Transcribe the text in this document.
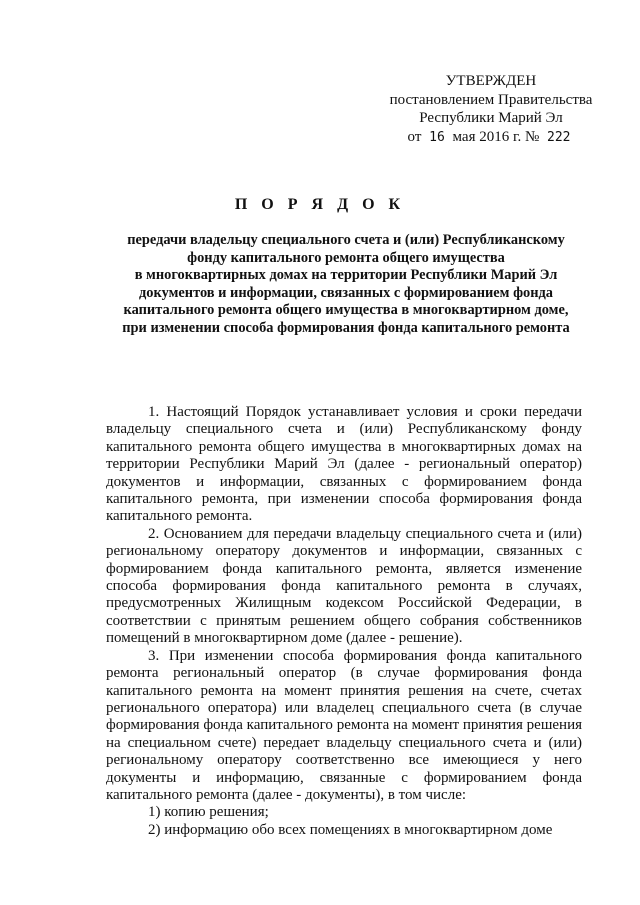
УТВЕРЖДЕН
постановлением Правительства
Республики Марий Эл
от 16 мая 2016 г. № 222
П О Р Я Д О К
передачи владельцу специального счета и (или) Республиканскому
фонду капитального ремонта общего имущества
в многоквартирных домах на территории Республики Марий Эл
документов и информации, связанных с формированием фонда
капитального ремонта общего имущества в многоквартирном доме,
при изменении способа формирования фонда капитального ремонта

1. Настоящий Порядок устанавливает условия и сроки передачи владельцу специального счета и (или) Республиканскому фонду капитального ремонта общего имущества в многоквартирных домах на территории Республики Марий Эл (далее - региональный оператор) документов и информации, связанных с формированием фонда капитального ремонта, при изменении способа формирования фонда капитального ремонта.

2. Основанием для передачи владельцу специального счета и (или) региональному оператору документов и информации, связанных с формированием фонда капитального ремонта, является изменение способа формирования фонда капитального ремонта в случаях, предусмотренных Жилищным кодексом Российской Федерации, в соответствии с принятым решением общего собрания собственников помещений в многоквартирном доме (далее - решение).

3. При изменении способа формирования фонда капитального ремонта региональный оператор (в случае формирования фонда капитального ремонта на момент принятия решения на счете, счетах регионального оператора) или владелец специального счета (в случае формирования фонда капитального ремонта на момент принятия решения на специальном счете) передает владельцу специального счета и (или) региональному оператору соответственно все имеющиеся у него документы и информацию, связанные с формированием фонда капитального ремонта (далее - документы), в том числе:

1) копию решения;

2) информацию обо всех помещениях в многоквартирном доме
